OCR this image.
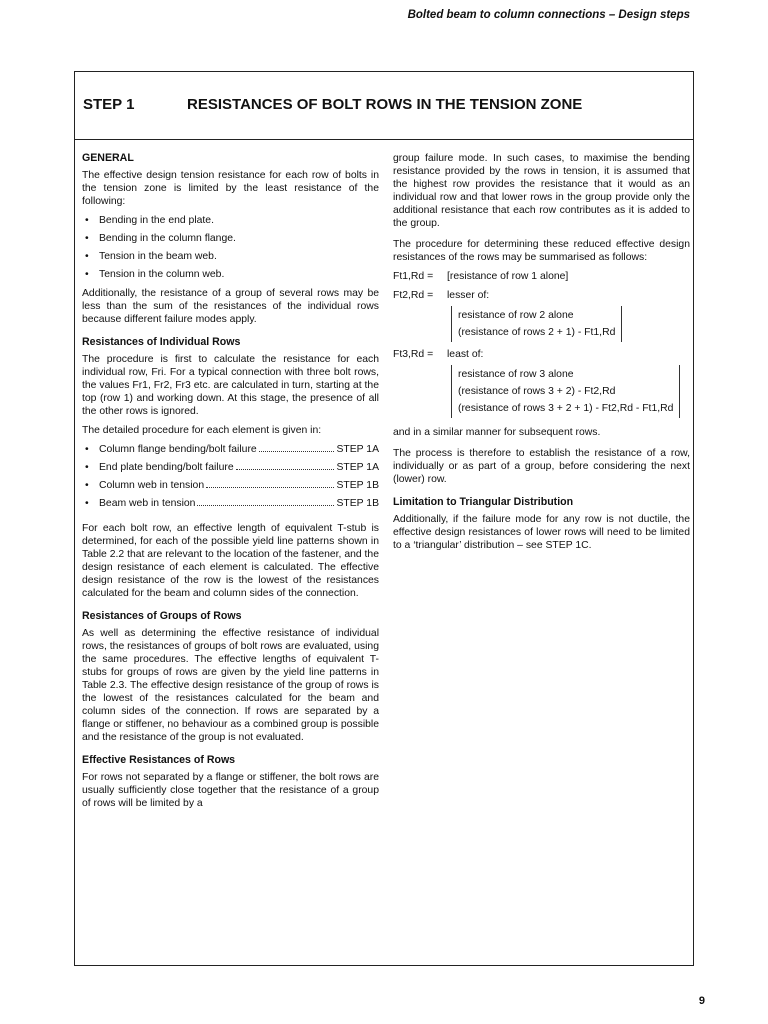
Bolted beam to column connections – Design steps
STEP 1	RESISTANCES OF BOLT ROWS IN THE TENSION ZONE
GENERAL

The effective design tension resistance for each row of bolts in the tension zone is limited by the least resistance of the following:

• Bending in the end plate.
• Bending in the column flange.
• Tension in the beam web.
• Tension in the column web.

Additionally, the resistance of a group of several rows may be less than the sum of the resistances of the individual rows because different failure modes apply.

Resistances of Individual Rows

The procedure is first to calculate the resistance for each individual row, Fri. For a typical connection with three bolt rows, the values Fr1, Fr2, Fr3 etc. are calculated in turn, starting at the top (row 1) and working down. At this stage, the presence of all the other rows is ignored.

The detailed procedure for each element is given in:

• Column flange bending/bolt failure	STEP 1A
• End plate bending/bolt failure	STEP 1A
• Column web in tension	STEP 1B
• Beam web in tension	STEP 1B

For each bolt row, an effective length of equivalent T-stub is determined, for each of the possible yield line patterns shown in Table 2.2 that are relevant to the location of the fastener, and the design resistance of each element is calculated. The effective design resistance of the row is the lowest of the resistances calculated for the beam and column sides of the connection.

Resistances of Groups of Rows

As well as determining the effective resistance of individual rows, the resistances of groups of bolt rows are evaluated, using the same procedures. The effective lengths of equivalent T-stubs for groups of rows are given by the yield line patterns in Table 2.3. The effective design resistance of the group of rows is the lowest of the resistances calculated for the beam and column sides of the connection. If rows are separated by a flange or stiffener, no behaviour as a combined group is possible and the resistance of the group is not evaluated.

Effective Resistances of Rows

For rows not separated by a flange or stiffener, the bolt rows are usually sufficiently close together that the resistance of a group of rows will be limited by a

group failure mode. In such cases, to maximise the bending resistance provided by the rows in tension, it is assumed that the highest row provides the resistance that it would as an individual row and that lower rows in the group provide only the additional resistance that each row contributes as it is added to the group.

The procedure for determining these reduced effective design resistances of the rows may be summarised as follows:

Ft1,Rd =	[resistance of row 1 alone]
Ft2,Rd =	lesser of:
resistance of row 2 alone
(resistance of rows 2 + 1) - Ft1,Rd
Ft3,Rd =	least of:
resistance of row 3 alone
(resistance of rows 3 + 2) - Ft2,Rd
(resistance of rows 3 + 2 + 1) - Ft2,Rd - Ft1,Rd

and in a similar manner for subsequent rows.

The process is therefore to establish the resistance of a row, individually or as part of a group, before considering the next (lower) row.

Limitation to Triangular Distribution

Additionally, if the failure mode for any row is not ductile, the effective design resistances of lower rows will need to be limited to a ‘triangular’ distribution – see STEP 1C.

9
